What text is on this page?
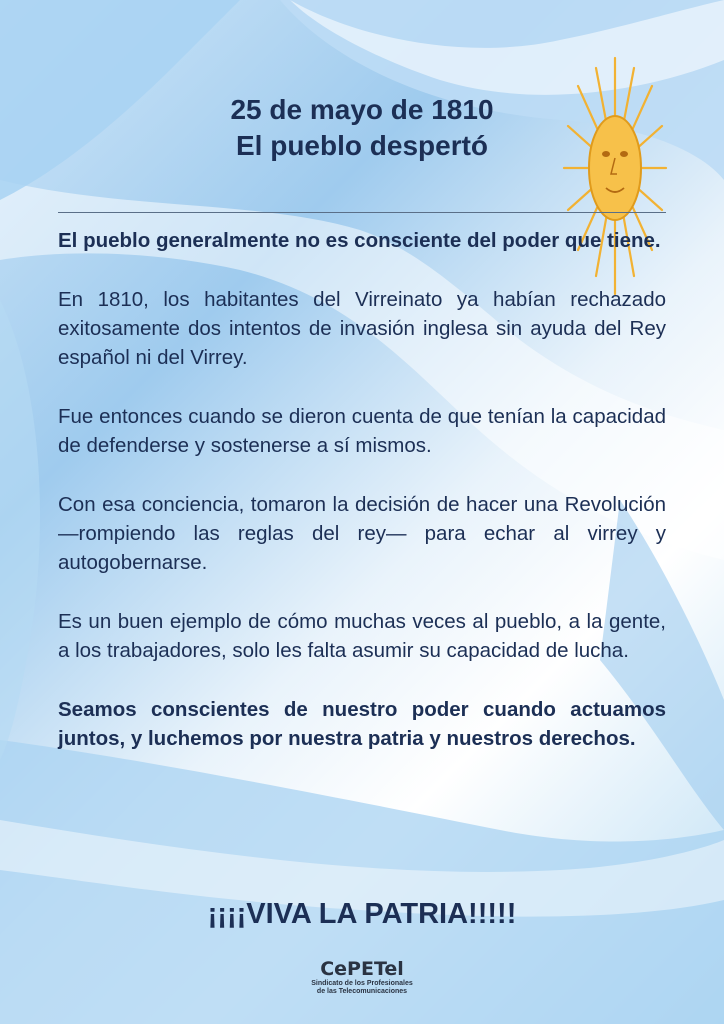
25 de mayo de 1810
El pueblo despertó

El pueblo generalmente no es consciente del poder que tiene.

En 1810, los habitantes del Virreinato ya habían rechazado exitosamente dos intentos de invasión inglesa sin ayuda del Rey español ni del Virrey.

Fue entonces cuando se dieron cuenta de que tenían la capacidad de defenderse y sostenerse a sí mismos.

Con esa conciencia, tomaron la decisión de hacer una Revolución —rompiendo las reglas del rey— para echar al virrey y autogobernarse.

Es un buen ejemplo de cómo muchas veces al pueblo, a la gente, a los trabajadores, solo les falta asumir su capacidad de lucha.

Seamos conscientes de nuestro poder cuando actuamos juntos, y luchemos por nuestra patria y nuestros derechos.

¡¡¡¡VIVA LA PATRIA!!!!!
CePETel
Sindicato de los Profesionales
de las Telecomunicaciones
